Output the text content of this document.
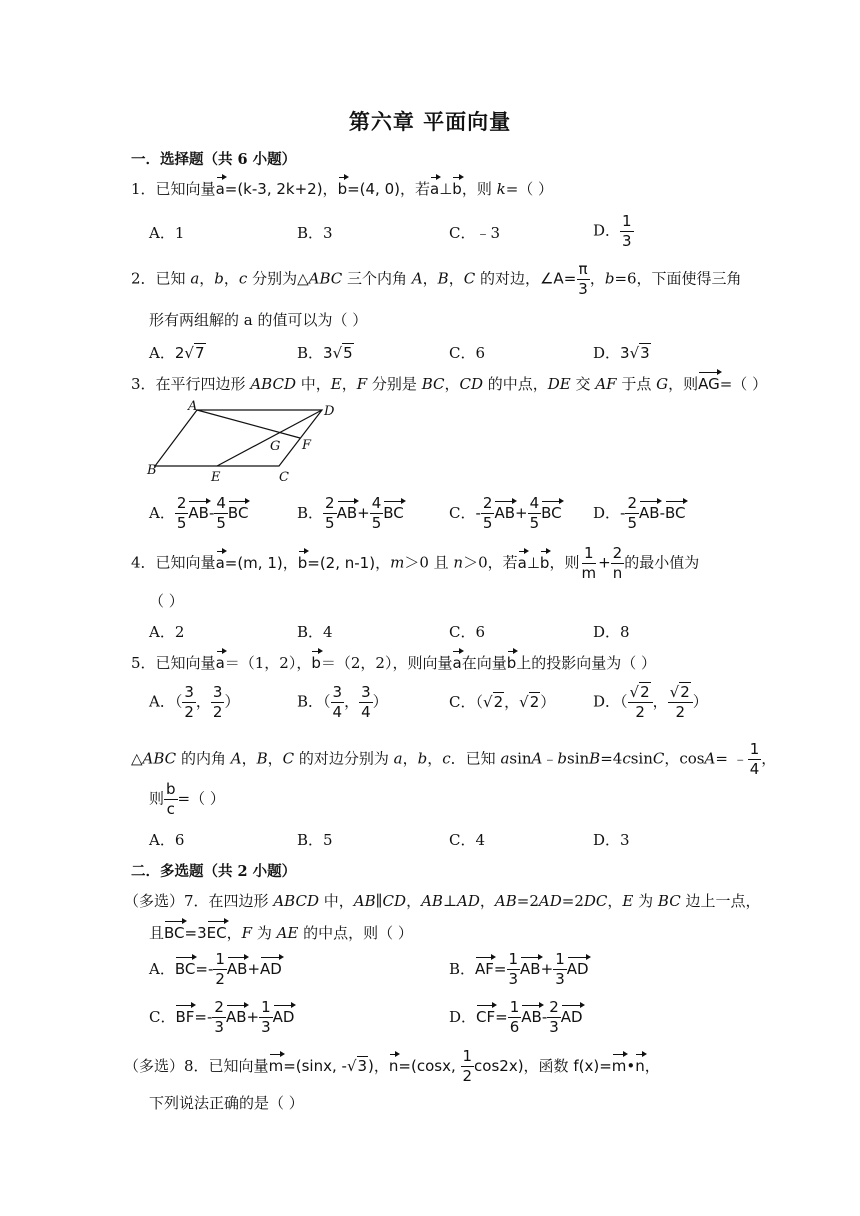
第六章 平面向量
一．选择题（共 6 小题）
1．已知向量a=(k-3, 2k+2)，b=(4, 0)，若a⊥b，则 k=（ ）
A．1	B．3	C．﹣3	D． $\frac{1}{3}$
2．已知 a，b，c 分别为△ABC 三个内角 A，B，C 的对边，∠A= $\frac{\pi}{3}$ ，b=6，下面使得三角
形有两组解的 a 的值可以为（ ）
A．2√7	B．3√5	C．6	D．3√3
3．在平行四边形 ABCD 中，E，F 分别是 BC，CD 的中点，DE 交 AF 于点 G，则AG=（ ）
A	D
B	C
E
F
G
A． $\frac{2}{5} AB- \frac{4}{5}$ BC	B． $\frac{2}{5} AB+ \frac{4}{5}$ BC	C．- $\frac{2}{5} AB+ \frac{4}{5}$ BC D．- $\frac{2}{5} AB-BC$
4．已知向量a=(m, 1)，b=(2, n-1)，m＞0 且 n＞0，若a⊥b，则 $\frac{1}{m} + \frac{2}{n}$ 的最小值为
（ ）
A．2	B．4	C．6	D．8
5．已知向量a＝（1，2），b＝（2，2），则向量a在向量b上的投影向量为（ ）
A．（ $\frac{3}{2}$ ， $\frac{3}{2}$ ）	B．（ $\frac{3}{4}$ ， $\frac{3}{4}$ ）	C．（√2，√2）	D．（ $\frac{√2}{2}$ ， $\frac{√2}{2}$ ）
△ABC 的内角 A，B，C 的对边分别为 a，b，c．已知 asinA﹣bsinB=4csinC，cosA= ﹣ $\frac{1}{4}$ ，
则 $\frac{b}{c}$ =（ ）
A．6	B．5	C．4	D．3
二．多选题（共 2 小题）
（多选）7．在四边形 ABCD 中，AB∥CD，AB⊥AD，AB=2AD=2DC，E 为 BC 边上一点，
且BC=3EC，F 为 AE 的中点，则（ ）
A．$BC=- \frac{1}{2} AB+AD$	B．$AF= \frac{1}{3} AB+ \frac{1}{3}$ AD
C．$BF=- \frac{2}{3} AB+ \frac{1}{3}$ AD	D．$CF= \frac{1}{6} AB- \frac{2}{3}$ AD
（多选）8．已知向量m=(sinx, -√3)，n=(cosx, $\frac{1}{2} \cos 2x$)，函数 f(x)=m•n，
下列说法正确的是（ ）
